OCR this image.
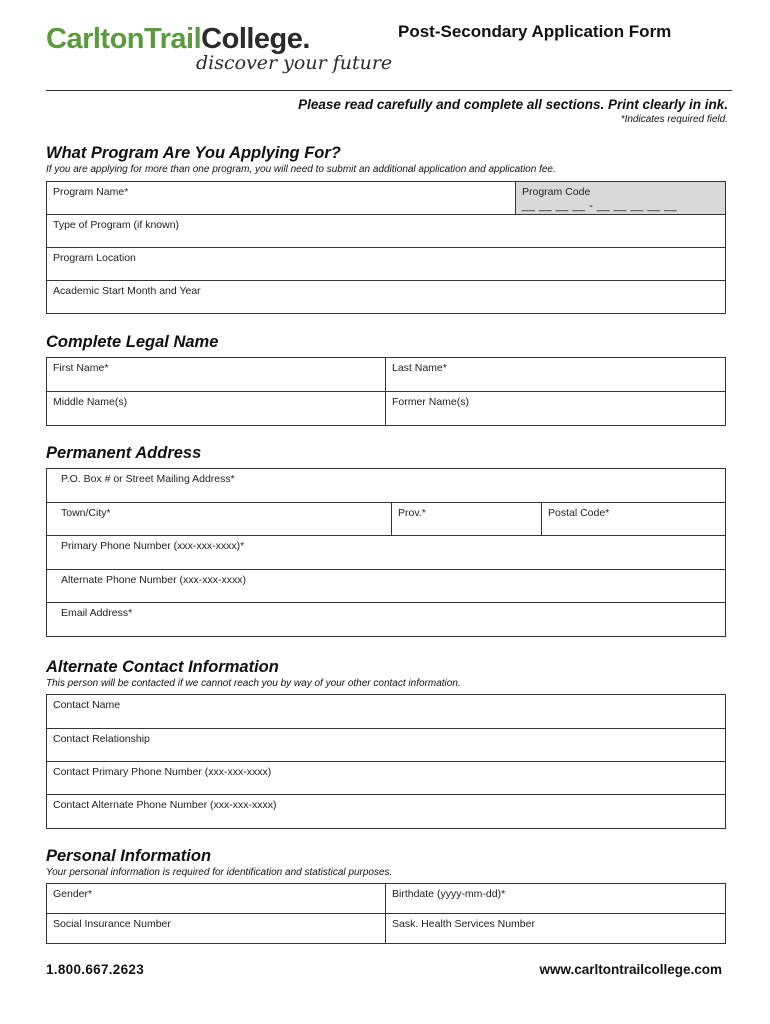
CarltonTrailCollege.
discover your future
Post-Secondary Application Form
Please read carefully and complete all sections. Print clearly in ink.
*Indicates required field.
What Program Are You Applying For?
If you are applying for more than one program, you will need to submit an additional application and application fee.
Program Name*	Program Code
__ __ __ __ - __ __ __ __ __
Type of Program (if known)
Program Location
Academic Start Month and Year
Complete Legal Name
First Name*	Last Name*
Middle Name(s)	Former Name(s)
Permanent Address
P.O. Box # or Street Mailing Address*
Town/City*	Prov.*	Postal Code*
Primary Phone Number (xxx-xxx-xxxx)*
Alternate Phone Number (xxx-xxx-xxxx)
Email Address*
Alternate Contact Information
This person will be contacted if we cannot reach you by way of your other contact information.
Contact Name
Contact Relationship
Contact Primary Phone Number (xxx-xxx-xxxx)
Contact Alternate Phone Number (xxx-xxx-xxxx)
Personal Information
Your personal information is required for identification and statistical purposes.
Gender*	Birthdate (yyyy-mm-dd)*
Social Insurance Number	Sask. Health Services Number
1.800.667.2623	www.carltontrailcollege.com
